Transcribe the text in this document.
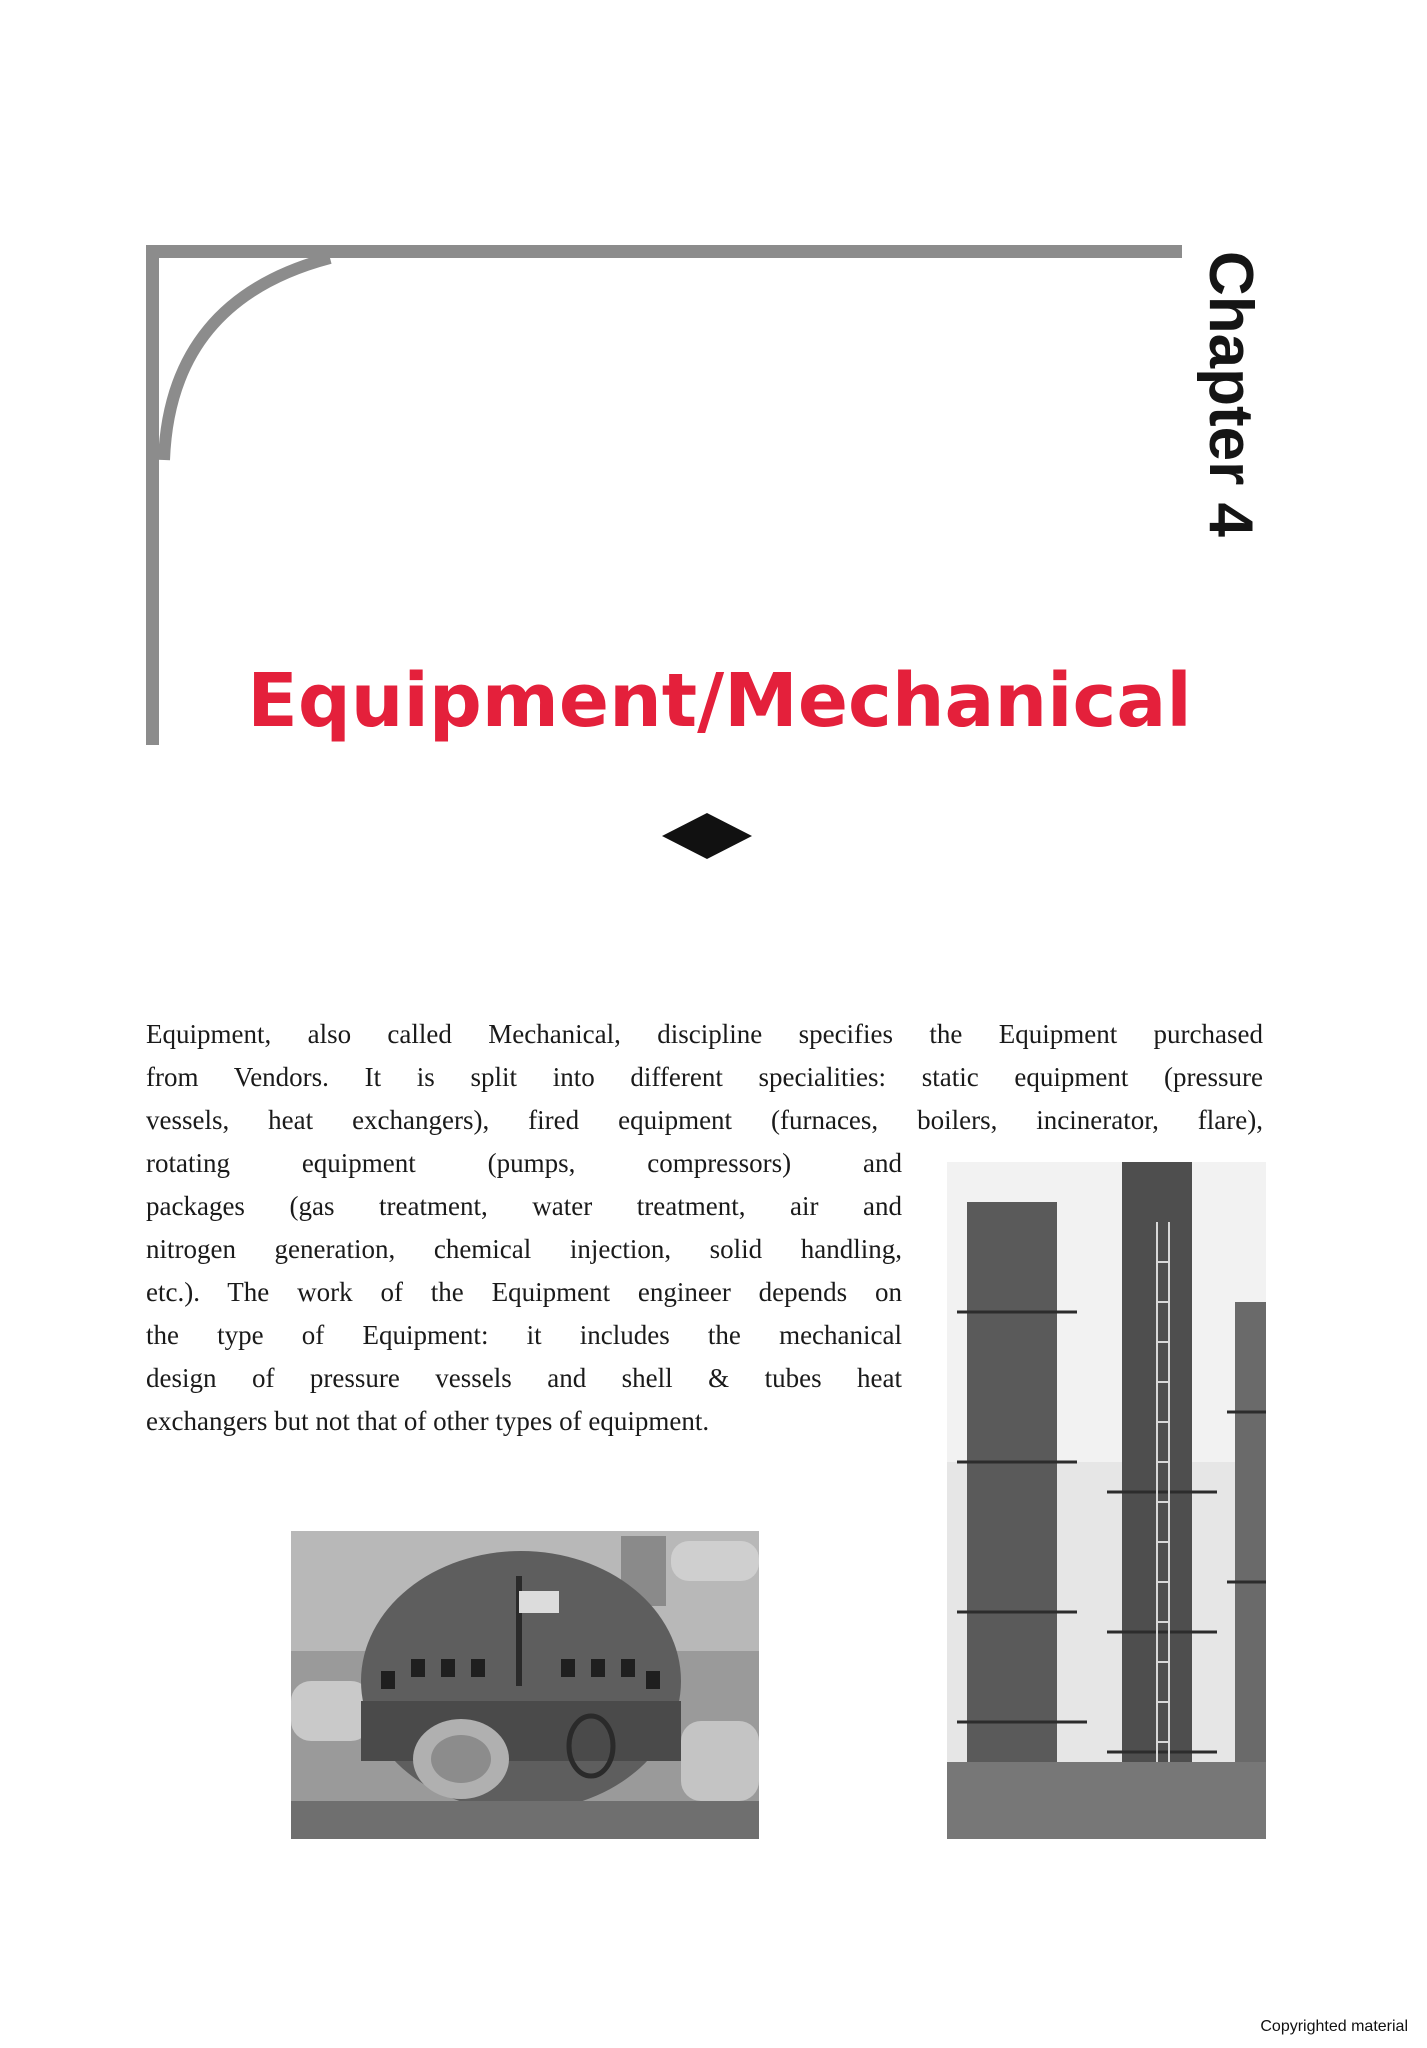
Chapter 4
Equipment/Mechanical
Equipment, also called Mechanical, discipline specifies the Equipment purchased
from Vendors. It is split into different specialities: static equipment (pressure
vessels, heat exchangers), fired equipment (furnaces, boilers, incinerator, flare),
rotating equipment (pumps, compressors) and
packages (gas treatment, water treatment, air and
nitrogen generation, chemical injection, solid handling,
etc.). The work of the Equipment engineer depends on
the type of Equipment: it includes the mechanical
design of pressure vessels and shell & tubes heat
exchangers but not that of other types of equipment.
Copyrighted material
